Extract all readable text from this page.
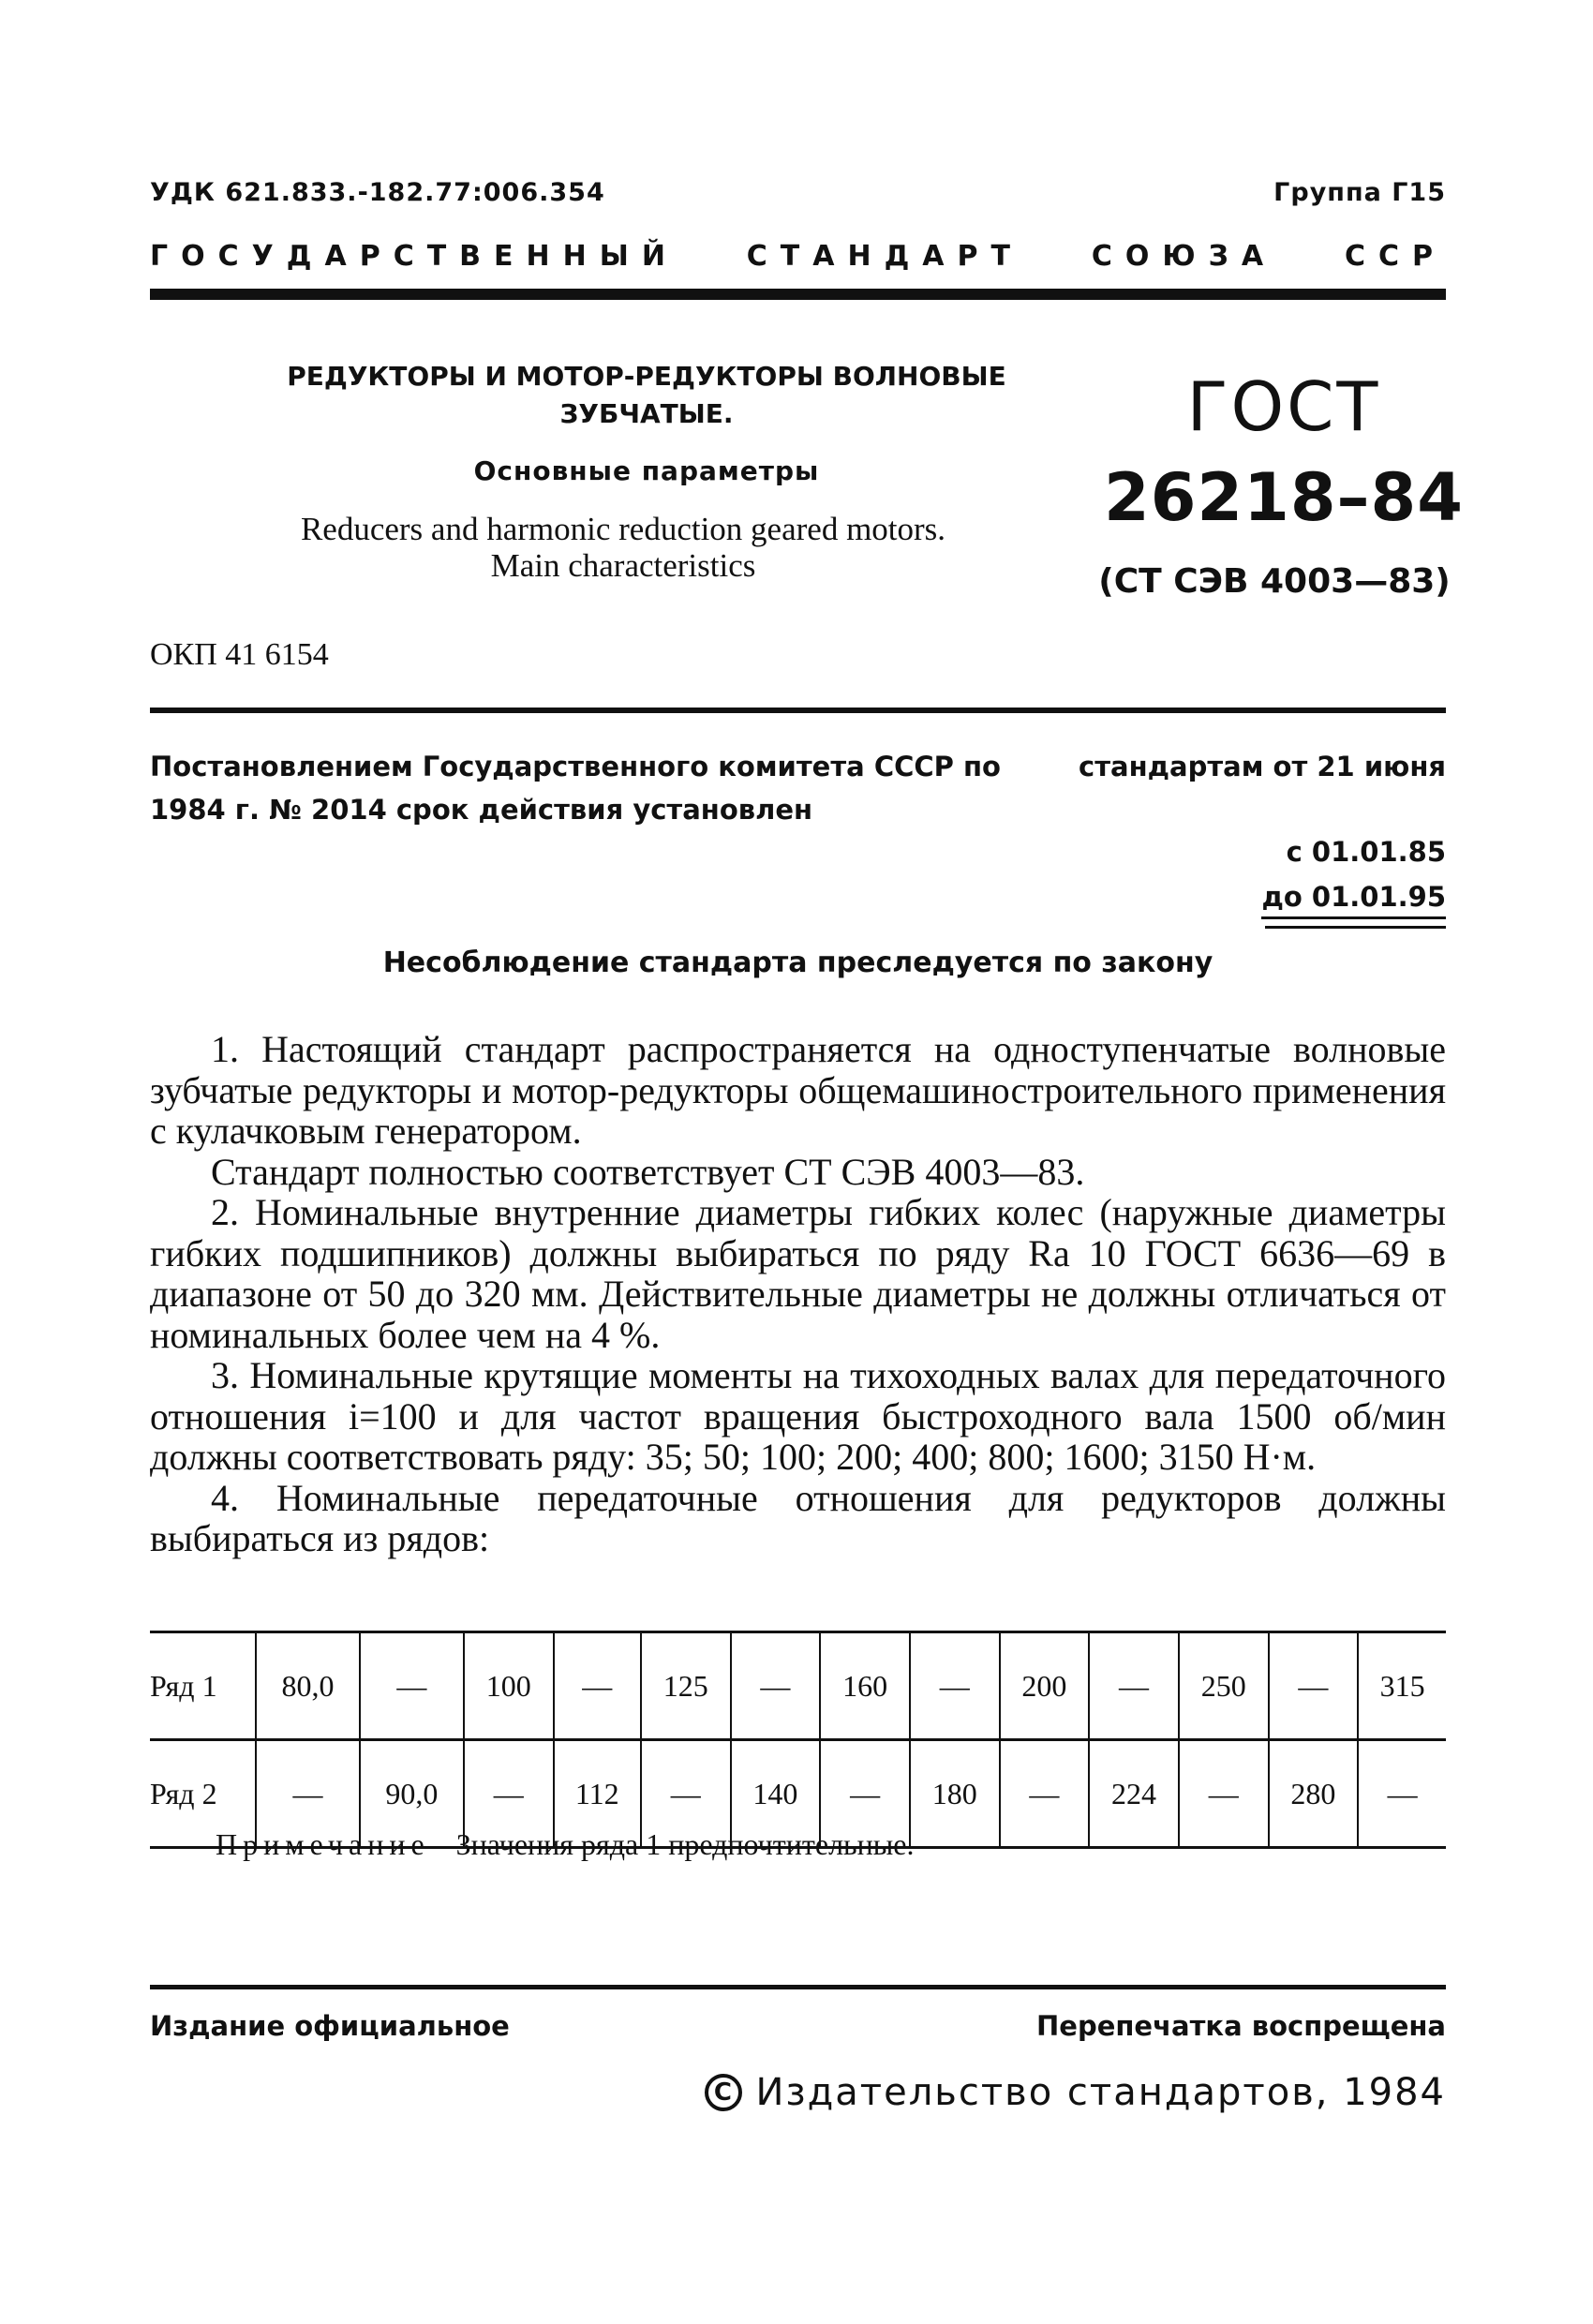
УДК 621.833.-182.77:006.354	Группа Г15
ГОСУДАРСТВЕННЫЙ СТАНДАРТ СОЮЗА ССР
РЕДУКТОРЫ И МОТОР-РЕДУКТОРЫ ВОЛНОВЫЕ
ЗУБЧАТЫЕ.
Основные параметры
Reducers and harmonic reduction geared motors.
Main characteristics
ГОСТ
26218–84
(СТ СЭВ 4003—83)
ОКП 41 6154
Постановлением Государственного комитета СССР по	стандартам от 21 июня
1984 г. № 2014 срок действия установлен
с 01.01.85
до 01.01.95
Несоблюдение стандарта преследуется по закону

1. Настоящий стандарт распространяется на одноступенчатые волновые зубчатые редукторы и мотор-редукторы общемашиностроительного применения с кулачковым генератором.

Стандарт полностью соответствует СТ СЭВ 4003—83.

2. Номинальные внутренние диаметры гибких колес (наружные диаметры гибких подшипников) должны выбираться по ряду Ra 10 ГОСТ 6636—69 в диапазоне от 50 до 320 мм. Действительные диаметры не должны отличаться от номинальных более чем на 4 %.

3. Номинальные крутящие моменты на тихоходных валах для передаточного отношения i=100 и для частот вращения быстроходного вала 1500 об/мин должны соответствовать ряду: 35; 50; 100; 200; 400; 800; 1600; 3150 Н·м.

4. Номинальные передаточные отношения для редукторов должны выбираться из рядов:

Ряд 1	80,0	—	100	—	125	—	160	—	200	—	250	—	315
Ряд 2	—	90,0	—	112	—	140	—	180	—	224	—	280	—
Примечание Значения ряда 1 предпочтительные.
Издание официальное	Перепечатка воспрещена
С Издательство стандартов, 1984
